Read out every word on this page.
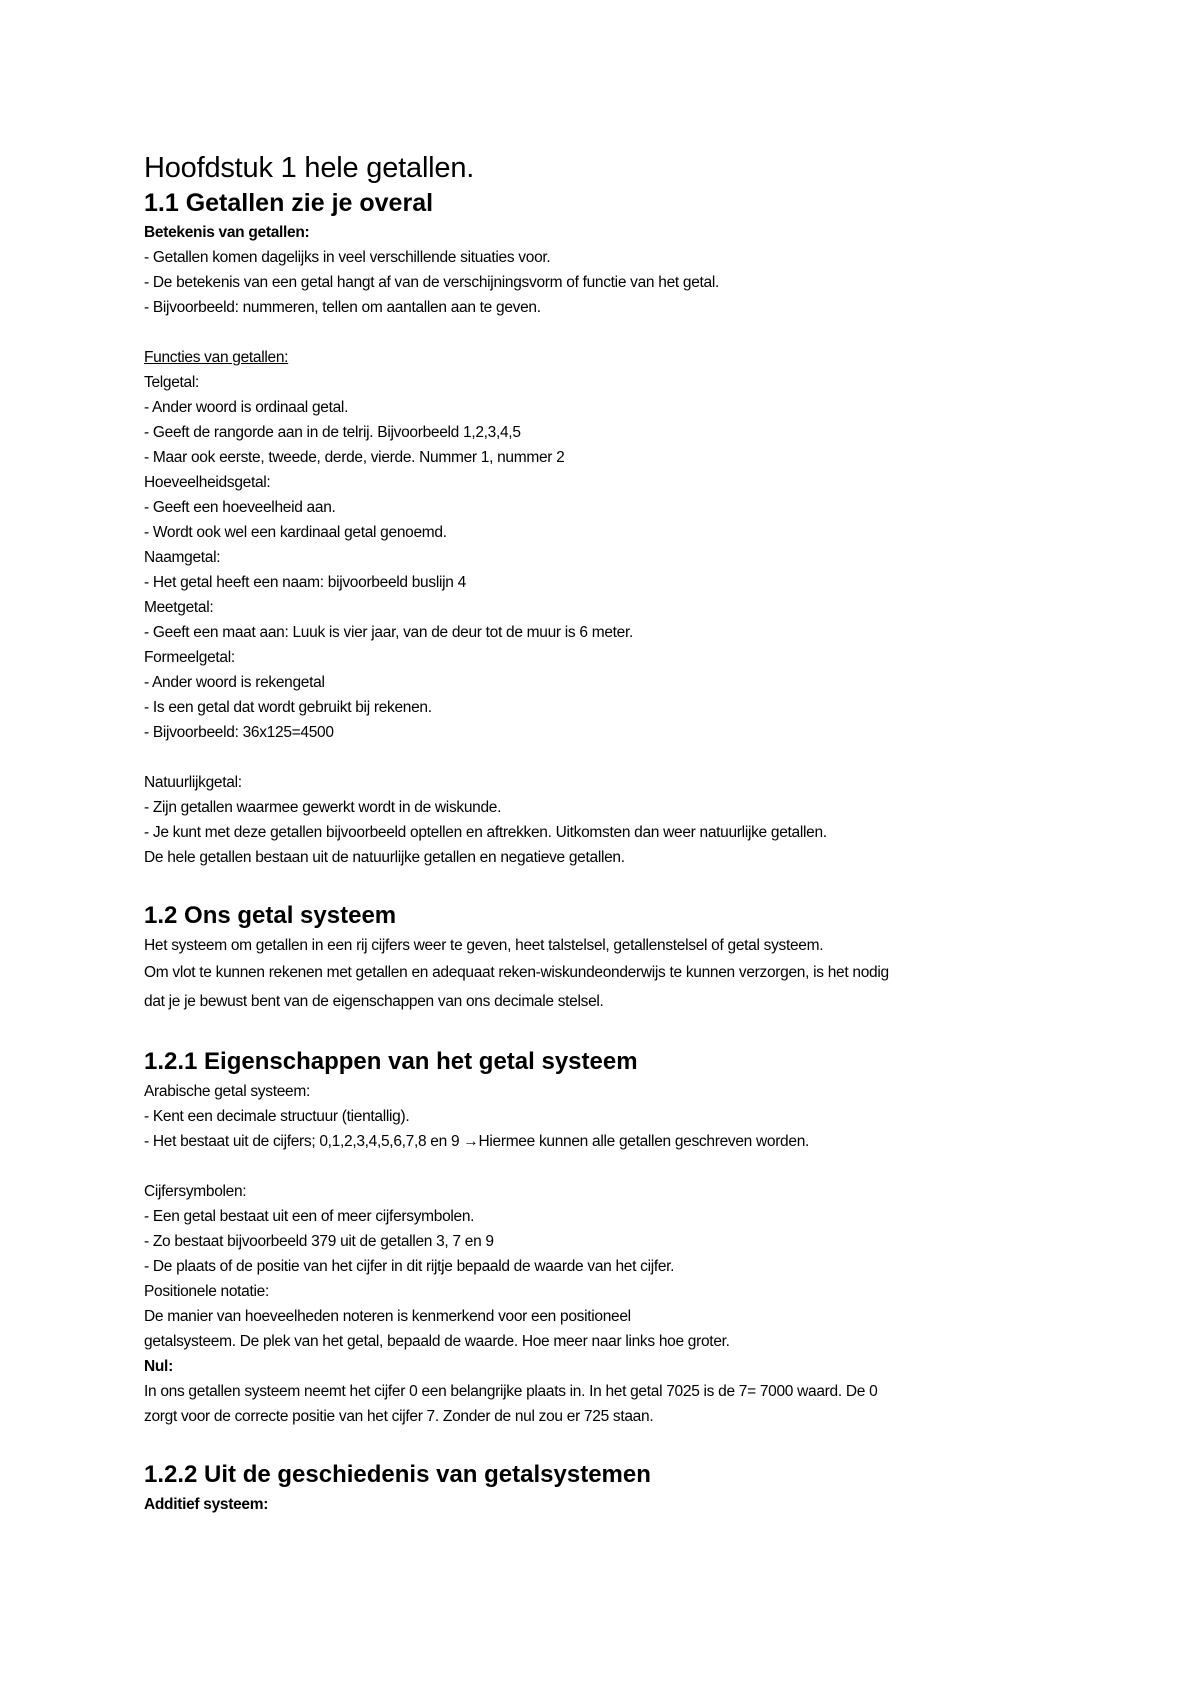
Hoofdstuk 1 hele getallen.

1.1 Getallen zie je overal

Betekenis van getallen:

- Getallen komen dagelijks in veel verschillende situaties voor.

- De betekenis van een getal hangt af van de verschijningsvorm of functie van het getal.

- Bijvoorbeeld: nummeren, tellen om aantallen aan te geven.

Functies van getallen:

Telgetal:

- Ander woord is ordinaal getal.

- Geeft de rangorde aan in de telrij. Bijvoorbeeld 1,2,3,4,5

- Maar ook eerste, tweede, derde, vierde. Nummer 1, nummer 2

Hoeveelheidsgetal:

- Geeft een hoeveelheid aan.

- Wordt ook wel een kardinaal getal genoemd.

Naamgetal:

- Het getal heeft een naam: bijvoorbeeld buslijn 4

Meetgetal:

- Geeft een maat aan: Luuk is vier jaar, van de deur tot de muur is 6 meter.

Formeelgetal:

- Ander woord is rekengetal

- Is een getal dat wordt gebruikt bij rekenen.

- Bijvoorbeeld: 36x125=4500

Natuurlijkgetal:

- Zijn getallen waarmee gewerkt wordt in de wiskunde.

- Je kunt met deze getallen bijvoorbeeld optellen en aftrekken. Uitkomsten dan weer natuurlijke getallen.

De hele getallen bestaan uit de natuurlijke getallen en negatieve getallen.

1.2 Ons getal systeem

Het systeem om getallen in een rij cijfers weer te geven, heet talstelsel, getallenstelsel of getal systeem.

Om vlot te kunnen rekenen met getallen en adequaat reken-wiskundeonderwijs te kunnen verzorgen, is het nodig

dat je je bewust bent van de eigenschappen van ons decimale stelsel.

1.2.1 Eigenschappen van het getal systeem

Arabische getal systeem:

- Kent een decimale structuur (tientallig).

- Het bestaat uit de cijfers; 0,1,2,3,4,5,6,7,8 en 9 →Hiermee kunnen alle getallen geschreven worden.

Cijfersymbolen:

- Een getal bestaat uit een of meer cijfersymbolen.

- Zo bestaat bijvoorbeeld 379 uit de getallen 3, 7 en 9

- De plaats of de positie van het cijfer in dit rijtje bepaald de waarde van het cijfer.

Positionele notatie:

De manier van hoeveelheden noteren is kenmerkend voor een positioneel

getalsysteem. De plek van het getal, bepaald de waarde. Hoe meer naar links hoe groter.

Nul:

In ons getallen systeem neemt het cijfer 0 een belangrijke plaats in. In het getal 7025 is de 7= 7000 waard. De 0

zorgt voor de correcte positie van het cijfer 7. Zonder de nul zou er 725 staan.

1.2.2 Uit de geschiedenis van getalsystemen

Additief systeem:
